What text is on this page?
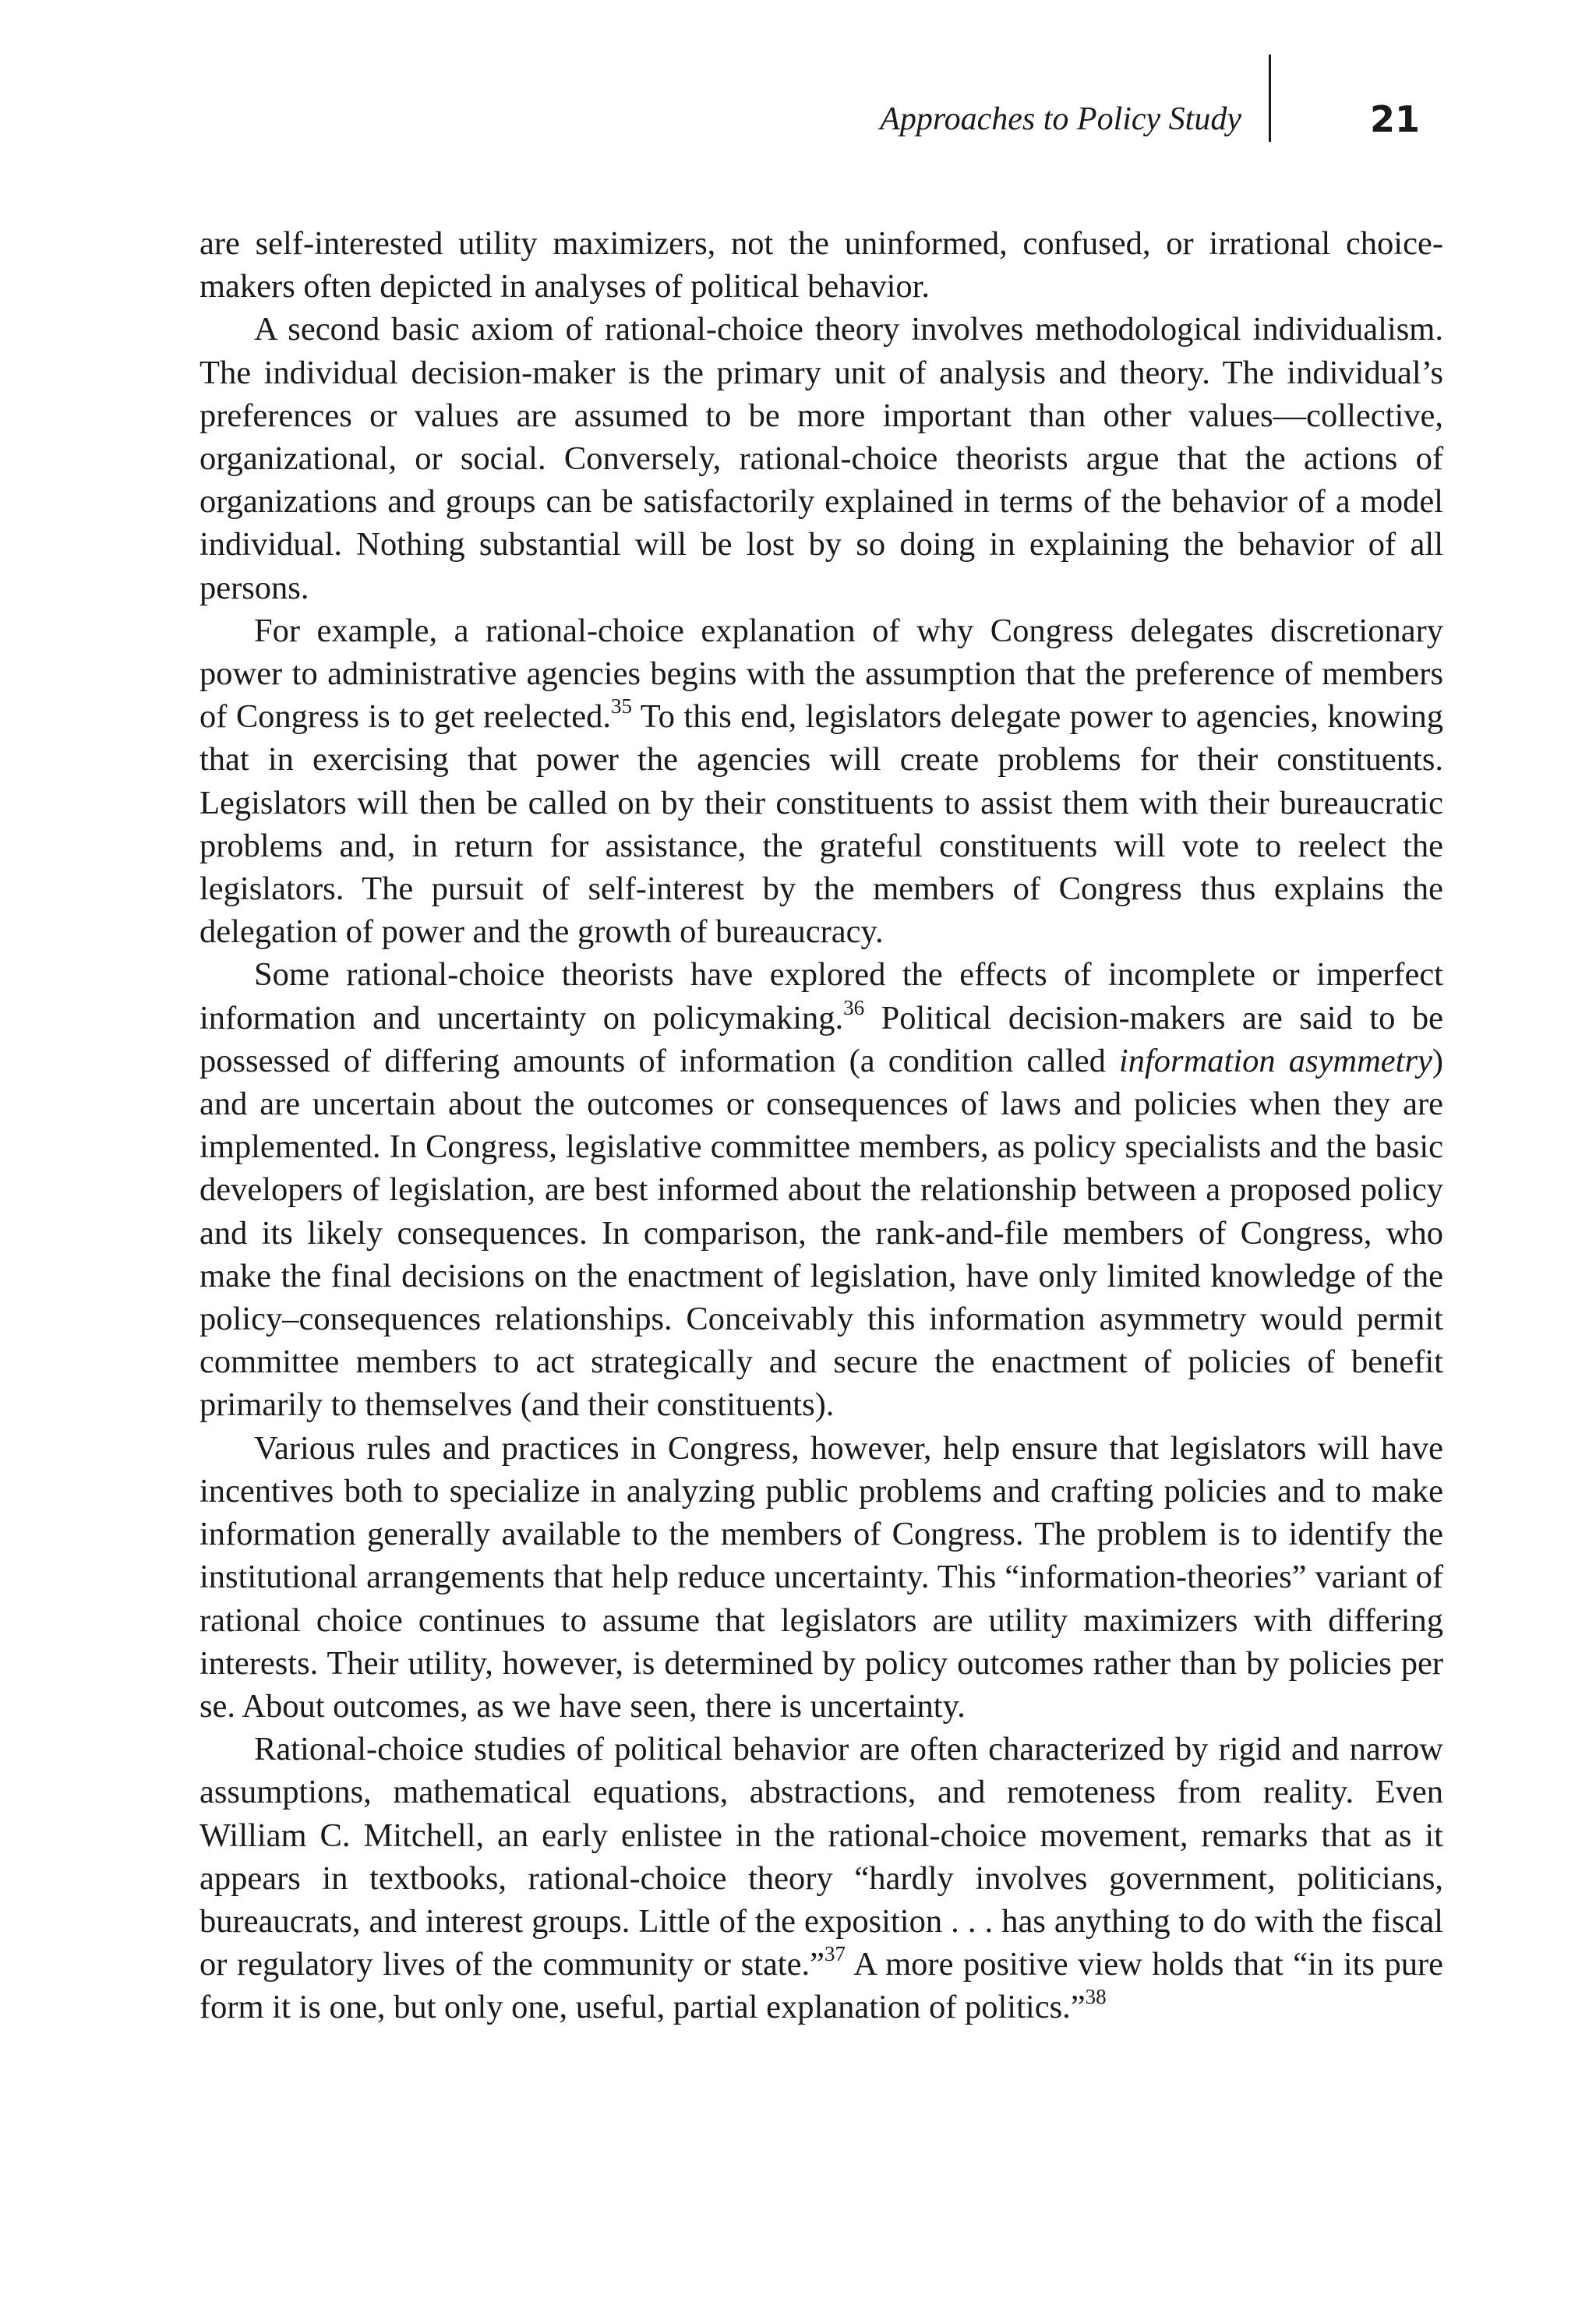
Approaches to Policy Study	21

are self-interested utility maximizers, not the uninformed, confused, or irrational choice-makers often depicted in analyses of political behavior.

A second basic axiom of rational-choice theory involves methodological individualism. The individual decision-maker is the primary unit of analysis and theory. The individual’s preferences or values are assumed to be more important than other values—collective, organizational, or social. Conversely, rational-choice theorists argue that the actions of organizations and groups can be satisfactorily explained in terms of the behavior of a model individual. Nothing substantial will be lost by so doing in explaining the behavior of all persons.

For example, a rational-choice explanation of why Congress delegates discretionary power to administrative agencies begins with the assumption that the preference of members of Congress is to get reelected.$^{35}$ To this end, legislators delegate power to agencies, knowing that in exercising that power the agencies will create problems for their constituents. Legislators will then be called on by their constituents to assist them with their bureaucratic problems and, in return for assistance, the grateful constituents will vote to reelect the legislators. The pursuit of self-interest by the members of Congress thus explains the delegation of power and the growth of bureaucracy.

Some rational-choice theorists have explored the effects of incomplete or imperfect information and uncertainty on policymaking.$^{36}$ Political decision-makers are said to be possessed of differing amounts of information (a condition called information asymmetry) and are uncertain about the outcomes or consequences of laws and policies when they are implemented. In Congress, legislative committee members, as policy specialists and the basic developers of legislation, are best informed about the relationship between a proposed policy and its likely consequences. In comparison, the rank-and-file members of Congress, who make the final decisions on the enactment of legislation, have only limited knowledge of the policy–consequences relationships. Conceivably this information asymmetry would permit committee members to act strategically and secure the enactment of policies of benefit primarily to themselves (and their constituents).

Various rules and practices in Congress, however, help ensure that legislators will have incentives both to specialize in analyzing public problems and crafting policies and to make information generally available to the members of Congress. The problem is to identify the institutional arrangements that help reduce uncertainty. This “information-theories” variant of rational choice continues to assume that legislators are utility maximizers with differing interests. Their utility, however, is determined by policy outcomes rather than by policies per se. About outcomes, as we have seen, there is uncertainty.

Rational-choice studies of political behavior are often characterized by rigid and narrow assumptions, mathematical equations, abstractions, and remoteness from reality. Even William C. Mitchell, an early enlistee in the rational-choice movement, remarks that as it appears in textbooks, rational-choice theory “hardly involves government, politicians, bureaucrats, and interest groups. Little of the exposition . . . has anything to do with the fiscal or regulatory lives of the community or state.”$^{37}$ A more positive view holds that “in its pure form it is one, but only one, useful, partial explanation of politics.”$^{38}$
